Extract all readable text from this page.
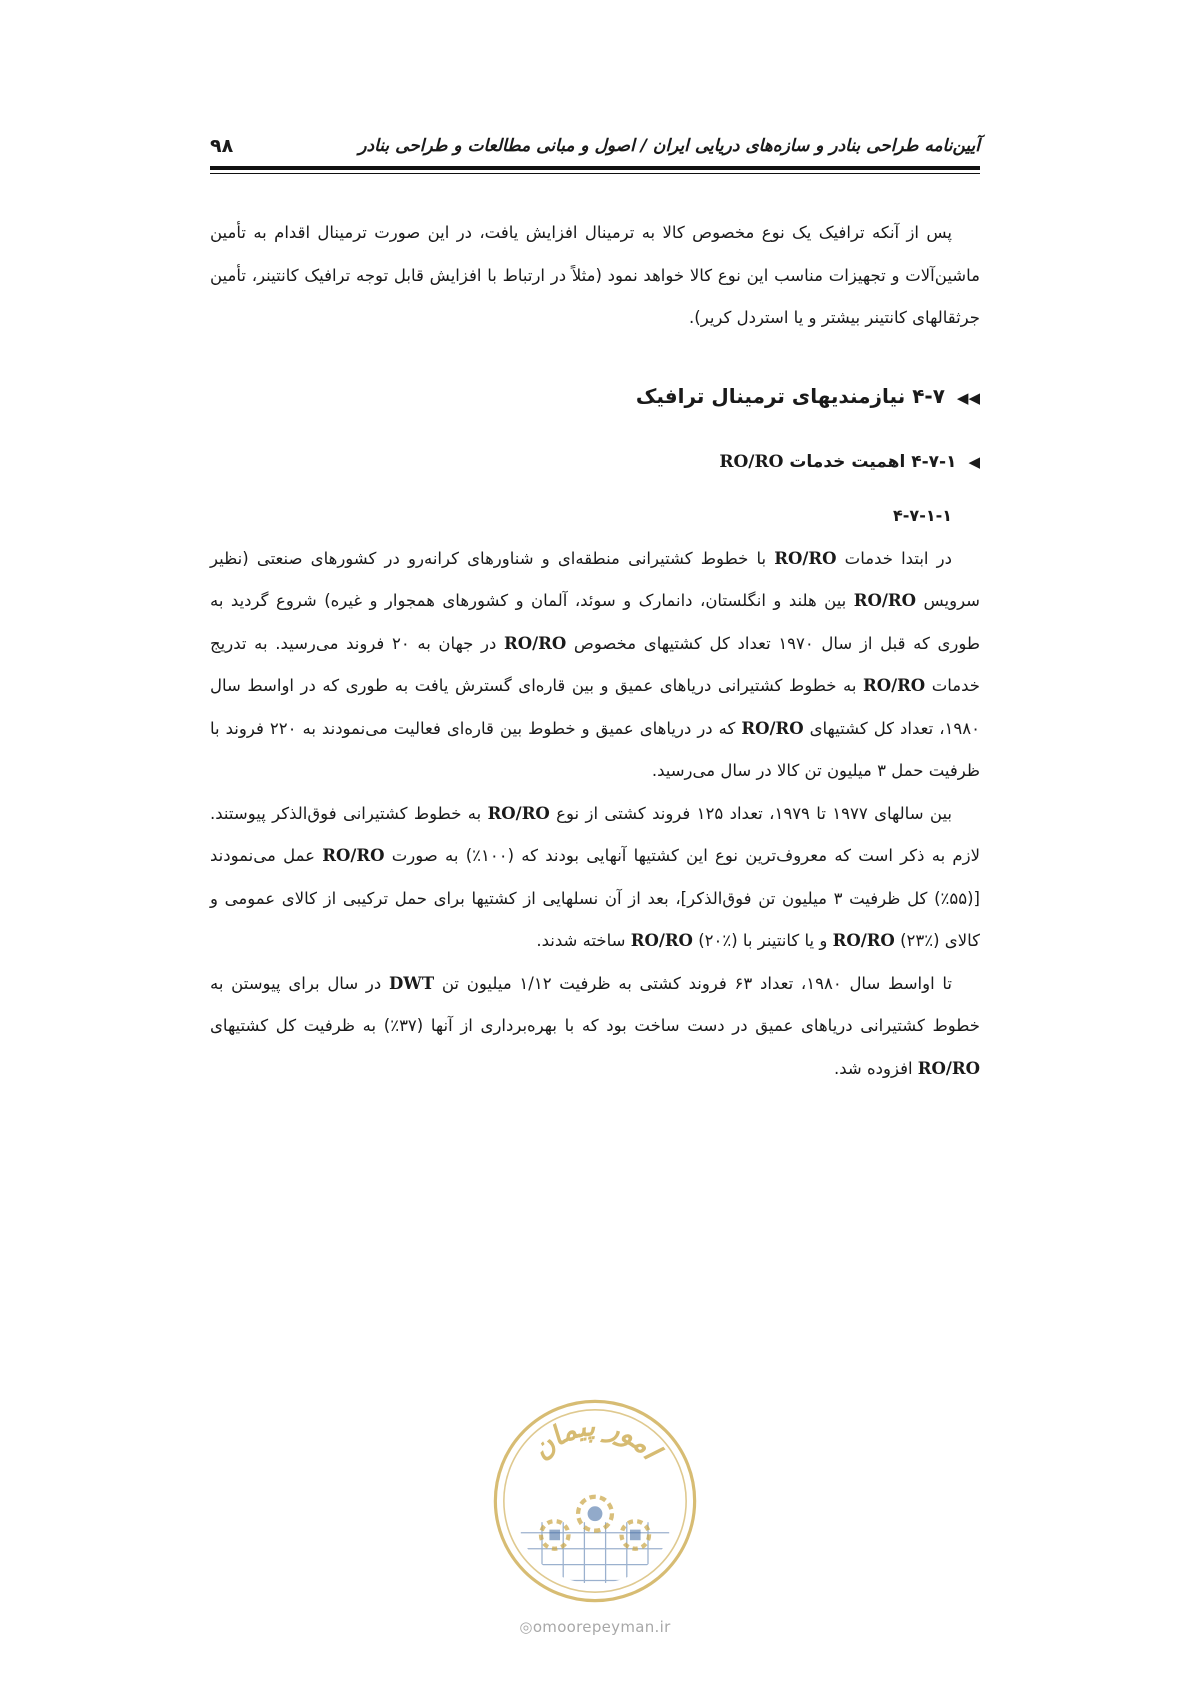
آیین‌نامه طراحی بنادر و سازه‌های دریایی ایران / اصول و مبانی مطالعات و طراحی بنادر
۹۸

پس از آنکه ترافیک یک نوع مخصوص کالا به ترمینال افزایش یافت، در این صورت ترمینال اقدام به تأمین ماشین‌آلات و تجهیزات مناسب این نوع کالا خواهد نمود (مثلاً در ارتباط با افزایش قابل توجه ترافیک کانتینر، تأمین جرثقالهای کانتینر بیشتر و یا استردل کریر).

◀◀۴-۷ نیازمندیهای ترمینال ترافیک
◀۴-۷-۱ اهمیت خدمات RO/RO
۴-۷-۱-۱

در ابتدا خدمات RO/RO با خطوط کشتیرانی منطقه‌ای و شناورهای کرانه‌رو در کشورهای صنعتی (نظیر سرویس RO/RO بین هلند و انگلستان، دانمارک و سوئد، آلمان و کشورهای همجوار و غیره) شروع گردید به طوری که قبل از سال ۱۹۷۰ تعداد کل کشتیهای مخصوص RO/RO در جهان به ۲۰ فروند می‌رسید. به تدریج خدمات RO/RO به خطوط کشتیرانی دریاهای عمیق و بین قاره‌ای گسترش یافت به طوری که در اواسط سال ۱۹۸۰، تعداد کل کشتیهای RO/RO که در دریاهای عمیق و خطوط بین قاره‌ای فعالیت می‌نمودند به ۲۲۰ فروند با ظرفیت حمل ۳ میلیون تن کالا در سال می‌رسید.

بین سالهای ۱۹۷۷ تا ۱۹۷۹، تعداد ۱۲۵ فروند کشتی از نوع RO/RO به خطوط کشتیرانی فوق‌الذکر پیوستند. لازم به ذکر است که معروف‌ترین نوع این کشتیها آنهایی بودند که (۱۰۰٪) به صورت RO/RO عمل می‌نمودند [(۵۵٪) کل ظرفیت ۳ میلیون تن فوق‌الذکر]، بعد از آن نسلهایی از کشتیها برای حمل ترکیبی از کالای عمومی و کالای RO/RO (۲۳٪) و یا کانتینر با RO/RO (۲۰٪) ساخته شدند.

تا اواسط سال ۱۹۸۰، تعداد ۶۳ فروند کشتی به ظرفیت ۱/۱۲ میلیون تن DWT در سال برای پیوستن به خطوط کشتیرانی دریاهای عمیق در دست ساخت بود که با بهره‌برداری از آنها (۳۷٪) به ظرفیت کل کشتیهای RO/RO افزوده شد.

امور پیمان
◎omoorepeyman.ir
